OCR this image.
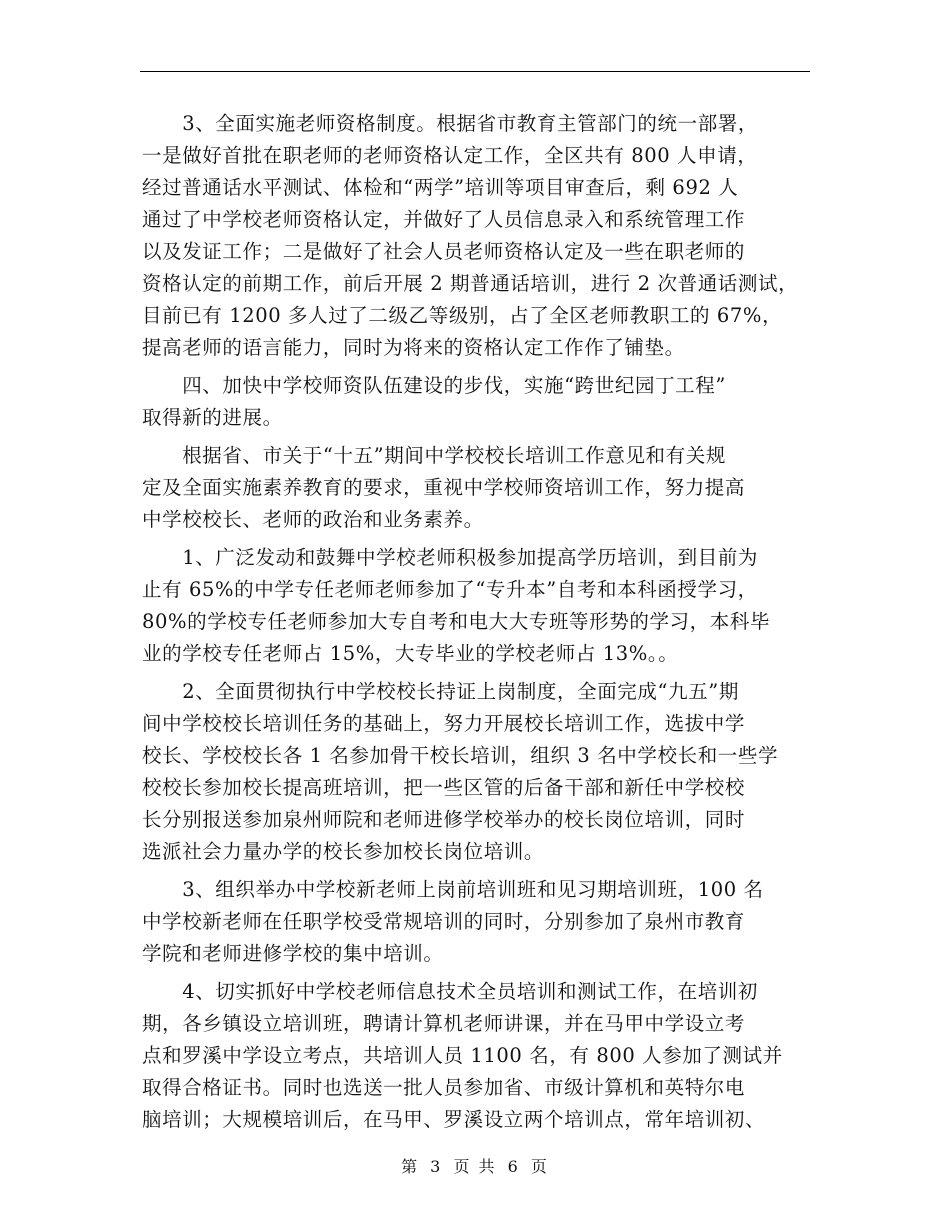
　　3、全面实施老师资格制度。根据省市教育主管部门的统一部署，
一是做好首批在职老师的老师资格认定工作，全区共有 800 人申请，
经过普通话水平测试、体检和“两学”培训等项目审查后，剩 692 人
通过了中学校老师资格认定，并做好了人员信息录入和系统管理工作
以及发证工作；二是做好了社会人员老师资格认定及一些在职老师的
资格认定的前期工作，前后开展 2 期普通话培训，进行 2 次普通话测试，
目前已有 1200 多人过了二级乙等级别，占了全区老师教职工的 67%，
提高老师的语言能力，同时为将来的资格认定工作作了铺垫。
　　四、加快中学校师资队伍建设的步伐，实施“跨世纪园丁工程”
取得新的进展。
　　根据省、市关于“十五”期间中学校校长培训工作意见和有关规
定及全面实施素养教育的要求，重视中学校师资培训工作，努力提高
中学校校长、老师的政治和业务素养。
　　1、广泛发动和鼓舞中学校老师积极参加提高学历培训，到目前为
止有 65%的中学专任老师老师参加了“专升本”自考和本科函授学习，
80%的学校专任老师参加大专自考和电大大专班等形势的学习，本科毕
业的学校专任老师占 15%，大专毕业的学校老师占 13%。。
　　2、全面贯彻执行中学校校长持证上岗制度，全面完成“九五”期
间中学校校长培训任务的基础上，努力开展校长培训工作，选拔中学
校长、学校校长各 1 名参加骨干校长培训，组织 3 名中学校长和一些学
校校长参加校长提高班培训，把一些区管的后备干部和新任中学校校
长分别报送参加泉州师院和老师进修学校举办的校长岗位培训，同时
选派社会力量办学的校长参加校长岗位培训。
　　3、组织举办中学校新老师上岗前培训班和见习期培训班，100 名
中学校新老师在任职学校受常规培训的同时，分别参加了泉州市教育
学院和老师进修学校的集中培训。
　　4、切实抓好中学校老师信息技术全员培训和测试工作，在培训初
期，各乡镇设立培训班，聘请计算机老师讲课，并在马甲中学设立考
点和罗溪中学设立考点，共培训人员 1100 名，有 800 人参加了测试并
取得合格证书。同时也选送一批人员参加省、市级计算机和英特尔电
脑培训；大规模培训后，在马甲、罗溪设立两个培训点，常年培训初、
第 3 页 共 6 页
